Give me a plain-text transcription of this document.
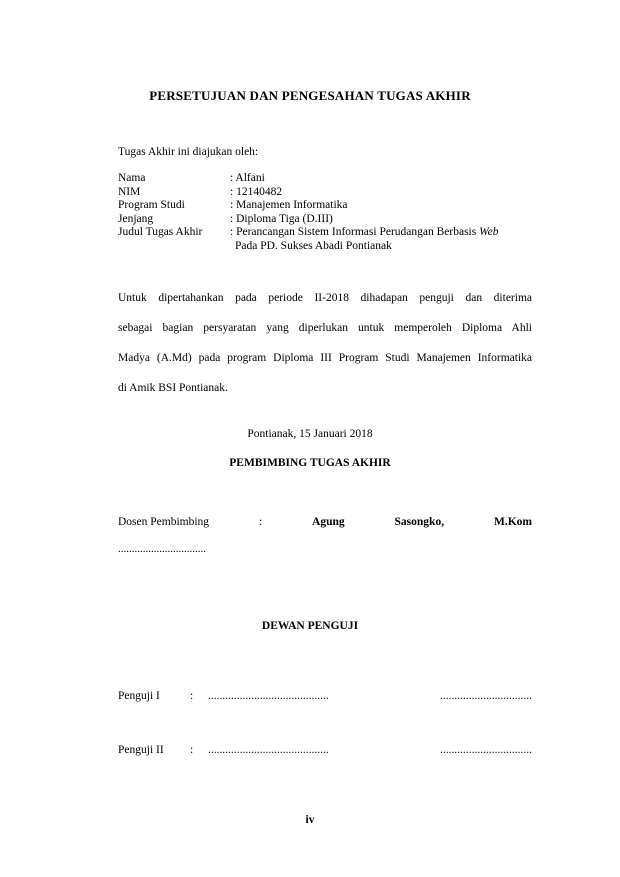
PERSETUJUAN DAN PENGESAHAN TUGAS AKHIR
Tugas Akhir ini diajukan oleh:
Nama	: Alfani
NIM	: 12140482
Program Studi	: Manajemen Informatika
Jenjang	: Diploma Tiga (D.III)
Judul Tugas Akhir	: Perancangan Sistem Informasi Perudangan Berbasis Web
Pada PD. Sukses Abadi Pontianak
Untuk dipertahankan pada periode II-2018 dihadapan penguji dan diterima
sebagai bagian persyaratan yang diperlukan untuk memperoleh Diploma Ahli
Madya (A.Md) pada program Diploma III Program Studi Manajemen Informatika
di Amik BSI Pontianak.
Pontianak, 15 Januari 2018
PEMBIMBING TUGAS AKHIR
Dosen Pembimbing	:	Agung	Sasongko,	M.Kom
................................
DEWAN PENGUJI
Penguji I	:	..........................................	................................
Penguji II	:	..........................................	................................
iv
